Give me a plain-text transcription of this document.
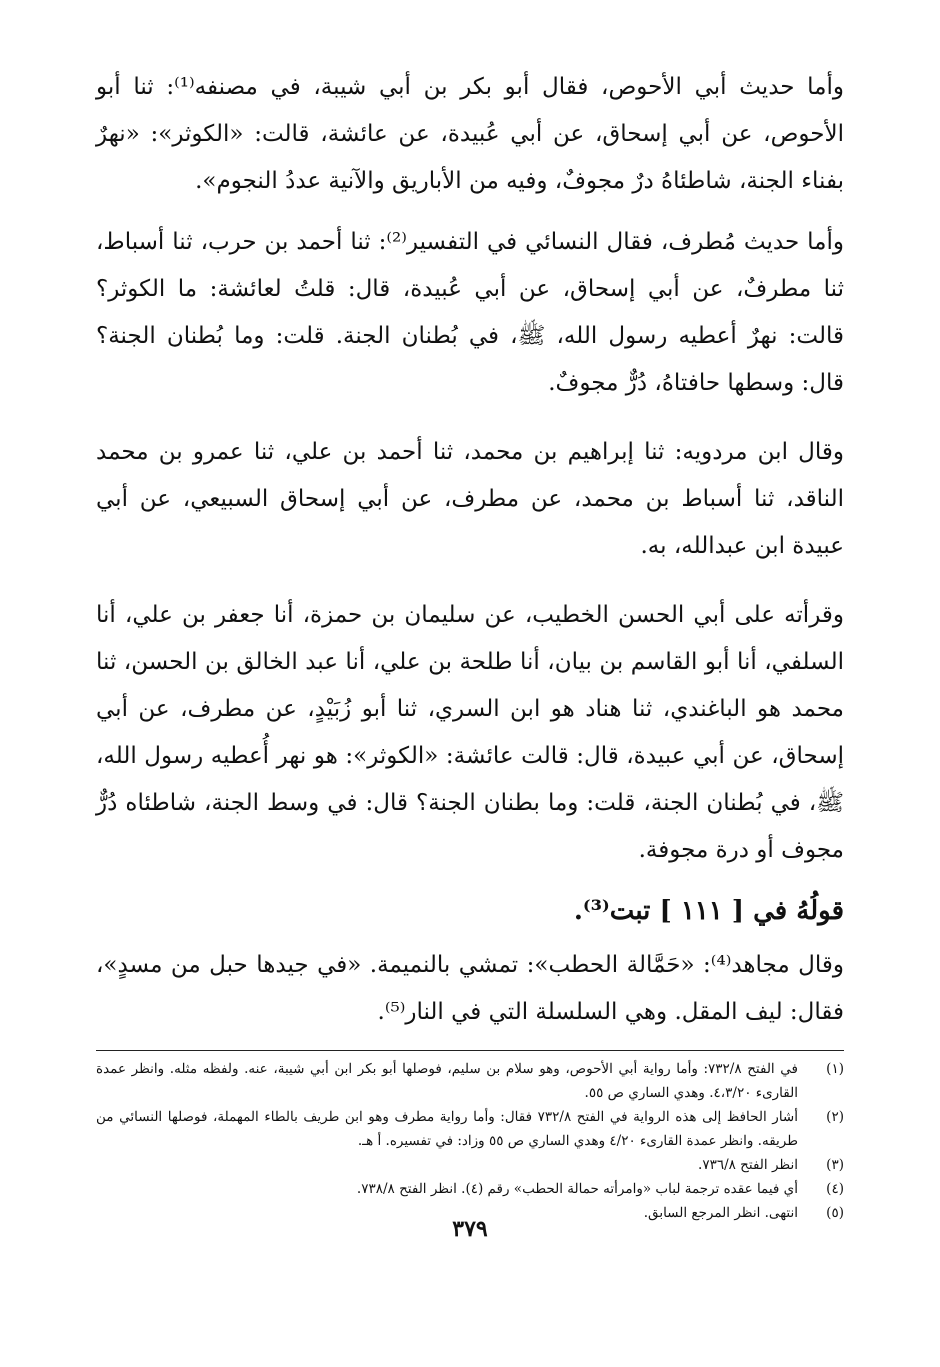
وأما حديث أبي الأحوص، فقال أبو بكر بن أبي شيبة، في مصنفه⁽¹⁾: ثنا أبو الأحوص، عن أبي إسحاق، عن أبي عُبيدة، عن عائشة، قالت: «الكوثر»: «نهرٌ بفناء الجنة، شاطئاهُ درٌ مجوفٌ، وفيه من الأباريق والآنية عددُ النجوم».

وأما حديث مُطرف، فقال النسائي في التفسير⁽²⁾: ثنا أحمد بن حرب، ثنا أسباط، ثنا مطرفٌ، عن أبي إسحاق، عن أبي عُبيدة، قال: قلتُ لعائشة: ما الكوثر؟ قالت: نهرٌ أعطيه رسول الله، ﷺ، في بُطنان الجنة. قلت: وما بُطنان الجنة؟ قال: وسطها حافتاهُ، دُرٌّ مجوفٌ.

وقال ابن مردويه: ثنا إبراهيم بن محمد، ثنا أحمد بن علي، ثنا عمرو بن محمد الناقد، ثنا أسباط بن محمد، عن مطرف، عن أبي إسحاق السبيعي، عن أبي عبيدة ابن عبدالله، به.

وقرأته على أبي الحسن الخطيب، عن سليمان بن حمزة، أنا جعفر بن علي، أنا السلفي، أنا أبو القاسم بن بيان، أنا طلحة بن علي، أنا عبد الخالق بن الحسن، ثنا محمد هو الباغندي، ثنا هناد هو ابن السري، ثنا أبو زُبَيْدٍ، عن مطرف، عن أبي إسحاق، عن أبي عبيدة، قال: قالت عائشة: «الكوثر»: هو نهر أُعطيه رسول الله، ﷺ، في بُطنان الجنة، قلت: وما بطنان الجنة؟ قال: في وسط الجنة، شاطئاه دُرٌّ مجوف أو درة مجوفة.

قولُهُ في [ ١١١ ] تبت⁽³⁾.

وقال مجاهد⁽⁴⁾: «حَمَّالة الحطب»: تمشي بالنميمة. «في جيدها حبل من مسدٍ»، فقال: ليف المقل. وهي السلسلة التي في النار⁽⁵⁾.

(١)
في الفتح ٧٣٢/٨: وأما رواية أبي الأحوص، وهو سلام بن سليم، فوصلها أبو بكر ابن أبي شيبة، عنه. ولفظه مثله. وانظر عمدة القارىء ٤،٣/٢٠. وهدي الساري ص ٥٥.
(٢)
أشار الحافظ إلى هذه الرواية في الفتح ٧٣٢/٨ فقال: وأما رواية مطرف وهو ابن طريف بالطاء المهملة، فوصلها النسائي من طريقه. وانظر عمدة القارىء ٤/٢٠ وهدي الساري ص ٥٥ وزاد: في تفسيره. أ هـ.
(٣)
انظر الفتح ٧٣٦/٨.
(٤)
أي فيما عقده ترجمة لباب «وامرأته حمالة الحطب» رقم (٤). انظر الفتح ٧٣٨/٨.
(٥)
انتهى. انظر المرجع السابق.
٣٧٩
